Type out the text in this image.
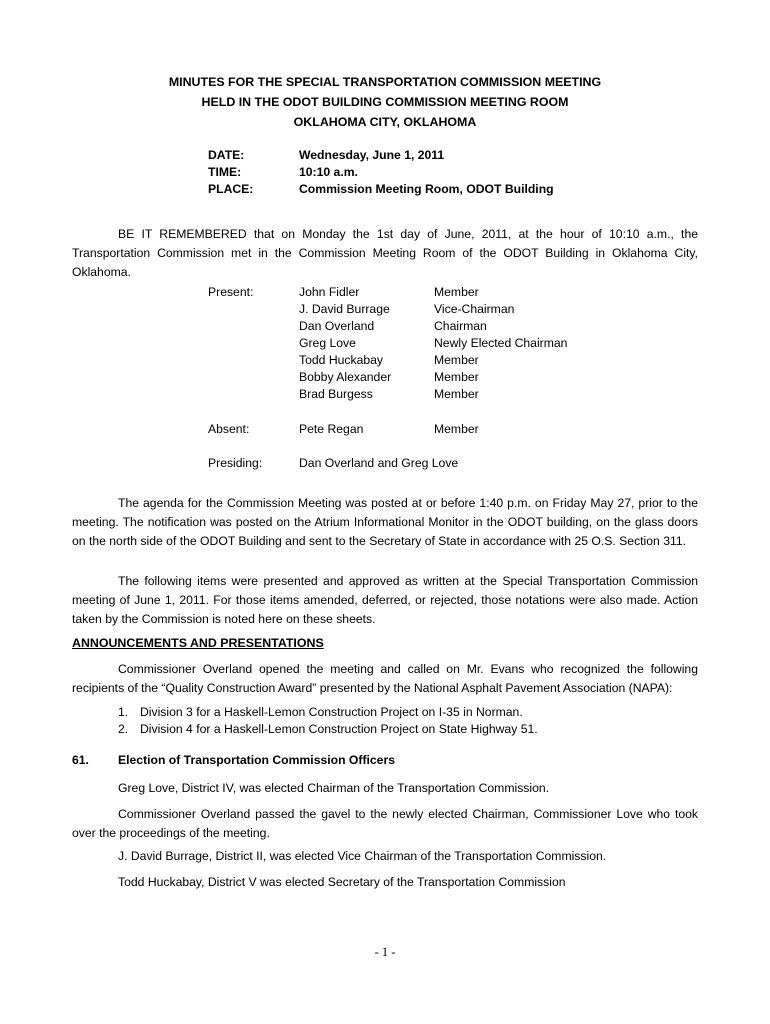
MINUTES FOR THE SPECIAL TRANSPORTATION COMMISSION MEETING
HELD IN THE ODOT BUILDING COMMISSION MEETING ROOM
OKLAHOMA CITY, OKLAHOMA
DATE:	Wednesday, June 1, 2011
TIME:	10:10 a.m.
PLACE:	Commission Meeting Room, ODOT Building

BE IT REMEMBERED that on Monday the 1st day of June, 2011, at the hour of 10:10 a.m., the Transportation Commission met in the Commission Meeting Room of the ODOT Building in Oklahoma City, Oklahoma.

Present:	John Fidler	Member
J. David Burrage	Vice-Chairman
Dan Overland	Chairman
Greg Love	Newly Elected Chairman
Todd Huckabay	Member
Bobby Alexander	Member
Brad Burgess	Member
Absent:	Pete Regan	Member
Presiding:	Dan Overland and Greg Love

The agenda for the Commission Meeting was posted at or before 1:40 p.m. on Friday May 27, prior to the meeting. The notification was posted on the Atrium Informational Monitor in the ODOT building, on the glass doors on the north side of the ODOT Building and sent to the Secretary of State in accordance with 25 O.S. Section 311.

The following items were presented and approved as written at the Special Transportation Commission meeting of June 1, 2011. For those items amended, deferred, or rejected, those notations were also made. Action taken by the Commission is noted here on these sheets.

ANNOUNCEMENTS AND PRESENTATIONS

Commissioner Overland opened the meeting and called on Mr. Evans who recognized the following recipients of the “Quality Construction Award” presented by the National Asphalt Pavement Association (NAPA):

1. Division 3 for a Haskell-Lemon Construction Project on I-35 in Norman.
2. Division 4 for a Haskell-Lemon Construction Project on State Highway 51.
61. Election of Transportation Commission Officers

Greg Love, District IV, was elected Chairman of the Transportation Commission.

Commissioner Overland passed the gavel to the newly elected Chairman, Commissioner Love who took over the proceedings of the meeting.

J. David Burrage, District II, was elected Vice Chairman of the Transportation Commission.

Todd Huckabay, District V was elected Secretary of the Transportation Commission

- 1 -
